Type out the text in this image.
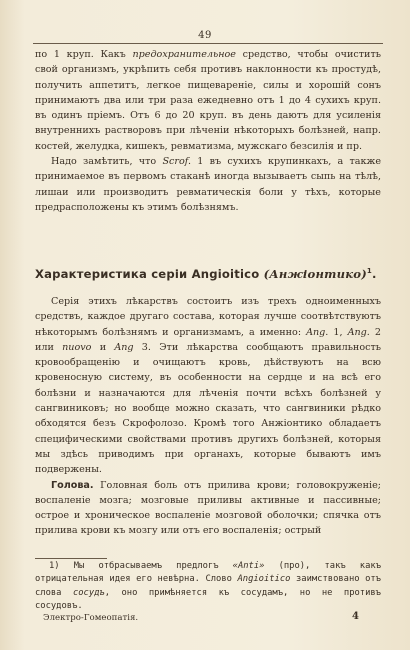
49

по 1 круп. Какъ предохранительное средство, чтобы очистить свой организмъ, укрѣпить себя противъ наклонности къ простудѣ, получить аппетитъ, легкое пищевареніе, силы и хорошій сонъ принимаютъ два или три раза ежедневно отъ 1 до 4 сухихъ круп. въ одинъ пріемъ. Отъ 6 до 20 круп. въ день даютъ для усиленія внутреннихъ растворовъ при лѣченіи нѣкоторыхъ болѣзней, напр. костей, желудка, кишекъ, ревматизма, мужскаго безсилія и пр.

Надо замѣтить, что Scrof. 1 въ сухихъ крупинкахъ, а также принимаемое въ первомъ стаканѣ иногда вызываетъ сыпь на тѣлѣ, лишаи или производитъ ревматическія боли у тѣхъ, которые предрасположены къ этимъ болѣзнямъ.

Характеристика серіи Angioitico (Анжіонтико)$^1$.

Серія этихъ лѣкарствъ состоитъ изъ трехъ одноименныхъ средствъ, каждое другаго состава, которая лучше соотвѣтствуютъ нѣкоторымъ болѣзнямъ и организмамъ, а именно: Ang. 1, Ang. 2 или nuovo и Ang 3. Эти лѣкарства сообщаютъ правильность кровообращенію и очищаютъ кровь, дѣйствуютъ на всю кровеносную систему, въ особенности на сердце и на всѣ его болѣзни и назначаются для лѣченія почти всѣхъ болѣзней у сангвиниковъ; но вообще можно сказать, что сангвиники рѣдко обходятся безъ Скрофолозо. Кромѣ того Анжіонтико обладаетъ специфическими свойствами противъ другихъ болѣзней, которыя мы здѣсь приводимъ при органахъ, которые бываютъ имъ подвержены.

Голова. Головная боль отъ прилива крови; головокруженіе; воспаленіе мозга; мозговые приливы активные и пассивные; острое и хроническое воспаленіе мозговой оболочки; спячка отъ прилива крови къ мозгу или отъ его воспаленія; острый

1) Мы отбрасываемъ предлогъ «Anti» (про), такъ какъ отрицательная идея его невѣрна. Слово Angioitico заимствовано отъ слова сосудъ, оно примѣняется къ сосудамъ, но не противъ сосудовъ.
Электро-Гомеопатія.	4
